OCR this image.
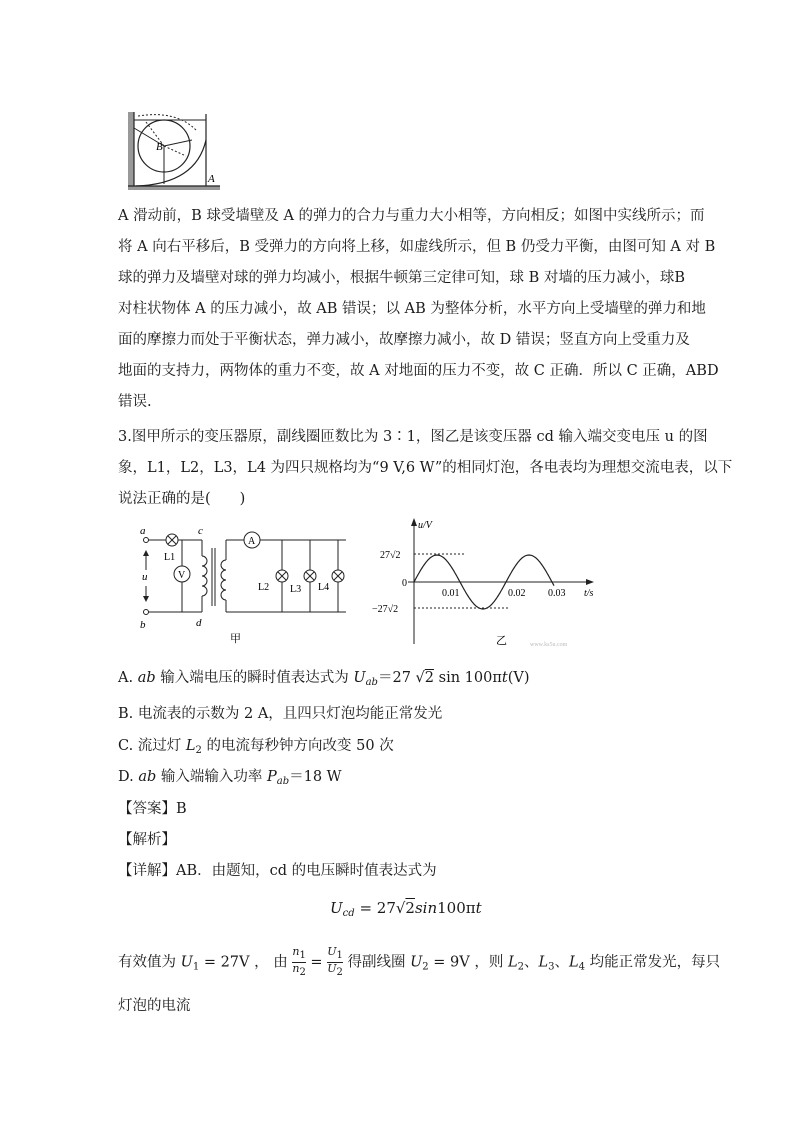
B
A
A 滑动前，B 球受墙壁及 A 的弹力的合力与重力大小相等，方向相反；如图中实线所示；而
将 A 向右平移后，B 受弹力的方向将上移，如虚线所示，但 B 仍受力平衡，由图可知 A 对 B
球的弹力及墙壁对球的弹力均减小，根据牛顿第三定律可知，球 B 对墙的压力减小，球B
对柱状物体 A 的压力减小，故 AB 错误；以 AB 为整体分析，水平方向上受墙壁的弹力和地
面的摩擦力而处于平衡状态，弹力减小，故摩擦力减小，故 D 错误；竖直方向上受重力及
地面的支持力，两物体的重力不变，故 A 对地面的压力不变，故 C 正确．所以 C 正确，ABD
错误.
3.图甲所示的变压器原，副线圈匝数比为 3∶1，图乙是该变压器 cd 输入端交变电压 u 的图
象，L1，L2，L3，L4 为四只规格均为“9 V,6 W”的相同灯泡，各电表均为理想交流电表，以下
说法正确的是(　　)
a
b
u
L1
V
c
d
A
L2 L3 L4
甲
u/V
t/s
0
27√2
−27√2
0.01	0.02 0.03
乙	www.ks5u.com
A. ab 输入端电压的瞬时值表达式为 $U_{ab}=27$ √2 sin 100πt(V)
B. 电流表的示数为 2 A，且四只灯泡均能正常发光
C. 流过灯 $L_2$ 的电流每秒钟方向改变 50 次
D. ab 输入端输入功率 $P_{ab}=18$ W
【答案】B
【解析】
【详解】AB．由题知，cd 的电压瞬时值表达式为
$U_{cd} = 27√2\sin 100\pi t$
有效值为 $U_1 = 27V$ ， 由 $n_1$

$n_2$
= $U_1$

$U_2$
得副线圈 $U_2 = 9V$ ，则 $L_2$、$L_3$、$L_4$ 均能正常发光，每只
灯泡的电流
